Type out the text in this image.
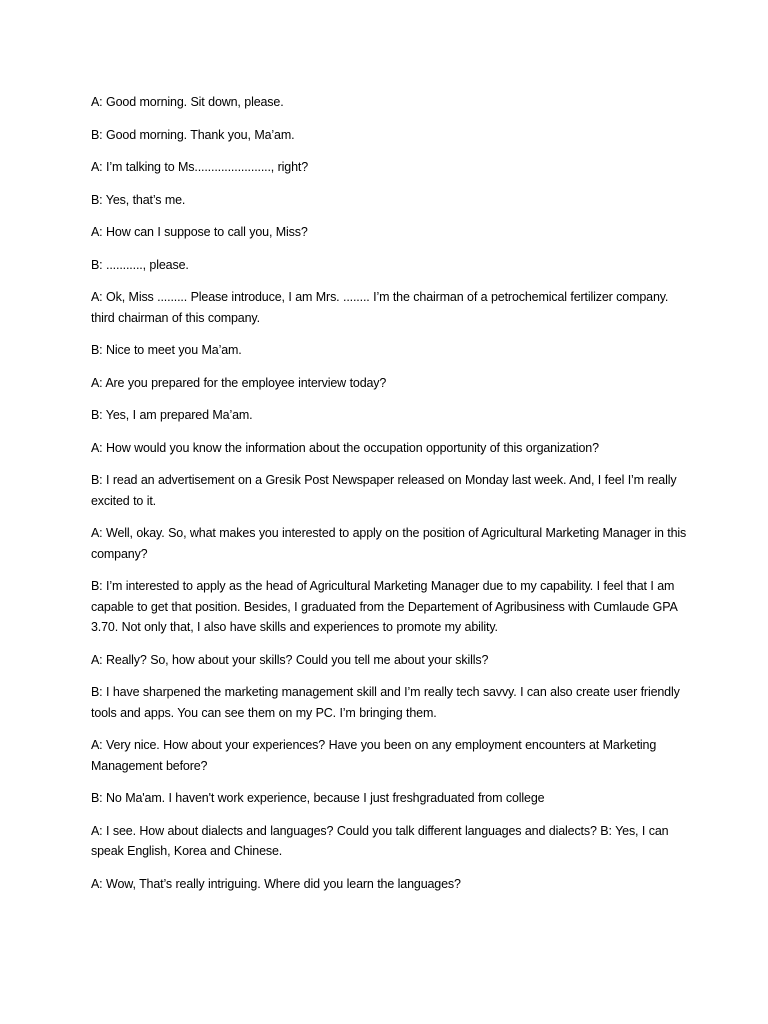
A: Good morning. Sit down, please.

B: Good morning. Thank you, Ma’am.

A: I’m talking to Ms......................., right?

B: Yes, that’s me.

A: How can I suppose to call you, Miss?

B: ..........., please.

A: Ok, Miss ......... Please introduce, I am Mrs. ........ I’m the chairman of a petrochemical fertilizer company. third chairman of this company.

B: Nice to meet you Ma’am.

A: Are you prepared for the employee interview today?

B: Yes, I am prepared Ma’am.

A: How would you know the information about the occupation opportunity of this organization?

B: I read an advertisement on a Gresik Post Newspaper released on Monday last week. And, I feel I’m really excited to it.

A: Well, okay. So, what makes you interested to apply on the position of Agricultural Marketing Manager in this company?

B: I’m interested to apply as the head of Agricultural Marketing Manager due to my capability. I feel that I am capable to get that position. Besides, I graduated from the Departement of Agribusiness with Cumlaude GPA 3.70. Not only that, I also have skills and experiences to promote my ability.

A: Really? So, how about your skills? Could you tell me about your skills?

B: I have sharpened the marketing management skill and I’m really tech savvy. I can also create user friendly tools and apps. You can see them on my PC. I’m bringing them.

A: Very nice. How about your experiences? Have you been on any employment encounters at Marketing Management before?

B: No Ma'am. I haven't work experience, because I just freshgraduated from college

A: I see. How about dialects and languages? Could you talk different languages and dialects? B: Yes, I can speak English, Korea and Chinese.

A: Wow, That’s really intriguing. Where did you learn the languages?
